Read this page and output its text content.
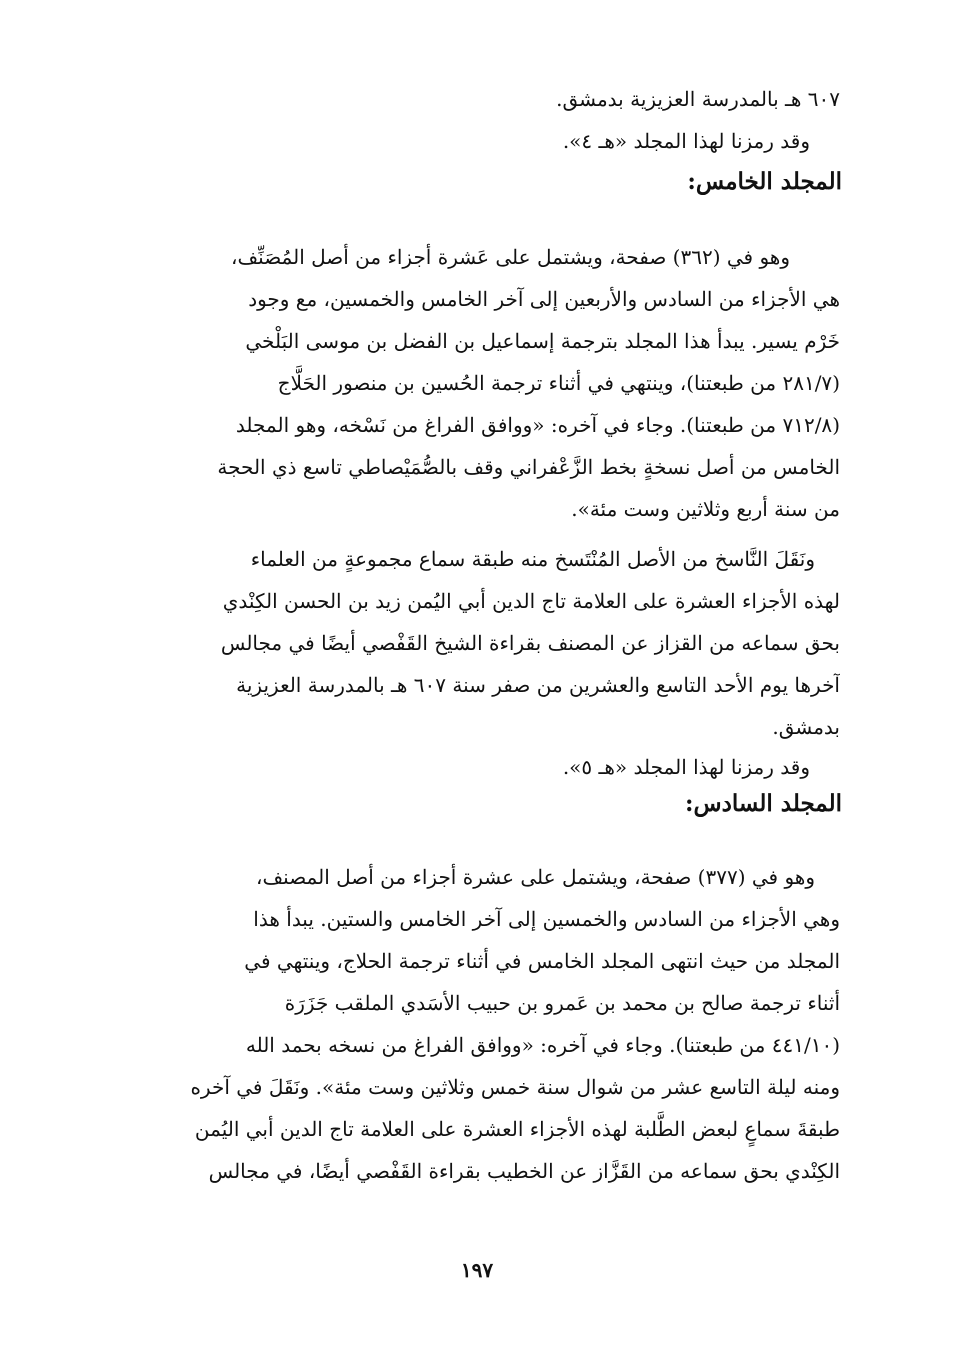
٦٠٧ هـ بالمدرسة العزيزية بدمشق.
وقد رمزنا لهذا المجلد «هـ ٤».
المجلد الخامس:
وهو في (٣٦٢) صفحة، ويشتمل على عَشرة أجزاء من أصل المُصَنِّف،
هي الأجزاء من السادس والأربعين إلى آخر الخامس والخمسين، مع وجود
خَرْم يسير. يبدأ هذا المجلد بترجمة إسماعيل بن الفضل بن موسى البَلْخي
(٢٨١/٧ من طبعتنا)، وينتهي في أثناء ترجمة الحُسين بن منصور الحَلَّاج
(٧١٢/٨ من طبعتنا). وجاء في آخره: «ووافق الفراغ من نَسْخه، وهو المجلد
الخامس من أصل نسخةٍ بخط الزَّعْفراني وقف بالصُّمَيْصاطي تاسع ذي الحجة
من سنة أربع وثلاثين وست مئة».
ونَقَلَ النَّاسخ من الأصل المُنْتَسخ منه طبقة سماع مجموعةٍ من العلماء
لهذه الأجزاء العشرة على العلامة تاج الدين أبي اليُمن زيد بن الحسن الكِنْدي
بحق سماعه من القزاز عن المصنف بقراءة الشيخ القَفْصي أيضًا في مجالس
آخرها يوم الأحد التاسع والعشرين من صفر سنة ٦٠٧ هـ بالمدرسة العزيزية
بدمشق.
وقد رمزنا لهذا المجلد «هـ ٥».
المجلد السادس:
وهو في (٣٧٧) صفحة، ويشتمل على عشرة أجزاء من أصل المصنف،
وهي الأجزاء من السادس والخمسين إلى آخر الخامس والستين. يبدأ هذا
المجلد من حيث انتهى المجلد الخامس في أثناء ترجمة الحلاج، وينتهي في
أثناء ترجمة صالح بن محمد بن عَمرو بن حبيب الأسَدي الملقب جَزَرَة
(٤٤١/١٠ من طبعتنا). وجاء في آخره: «ووافق الفراغ من نسخه بحمد الله
ومنه ليلة التاسع عشر من شوال سنة خمس وثلاثين وست مئة». ونَقَلَ في آخره
طبقةَ سماعٍ لبعض الطَّلبة لهذه الأجزاء العشرة على العلامة تاج الدين أبي اليُمن
الكِنْدي بحق سماعه من القَزَّاز عن الخطيب بقراءة القَفْصي أيضًا، في مجالس
١٩٧
